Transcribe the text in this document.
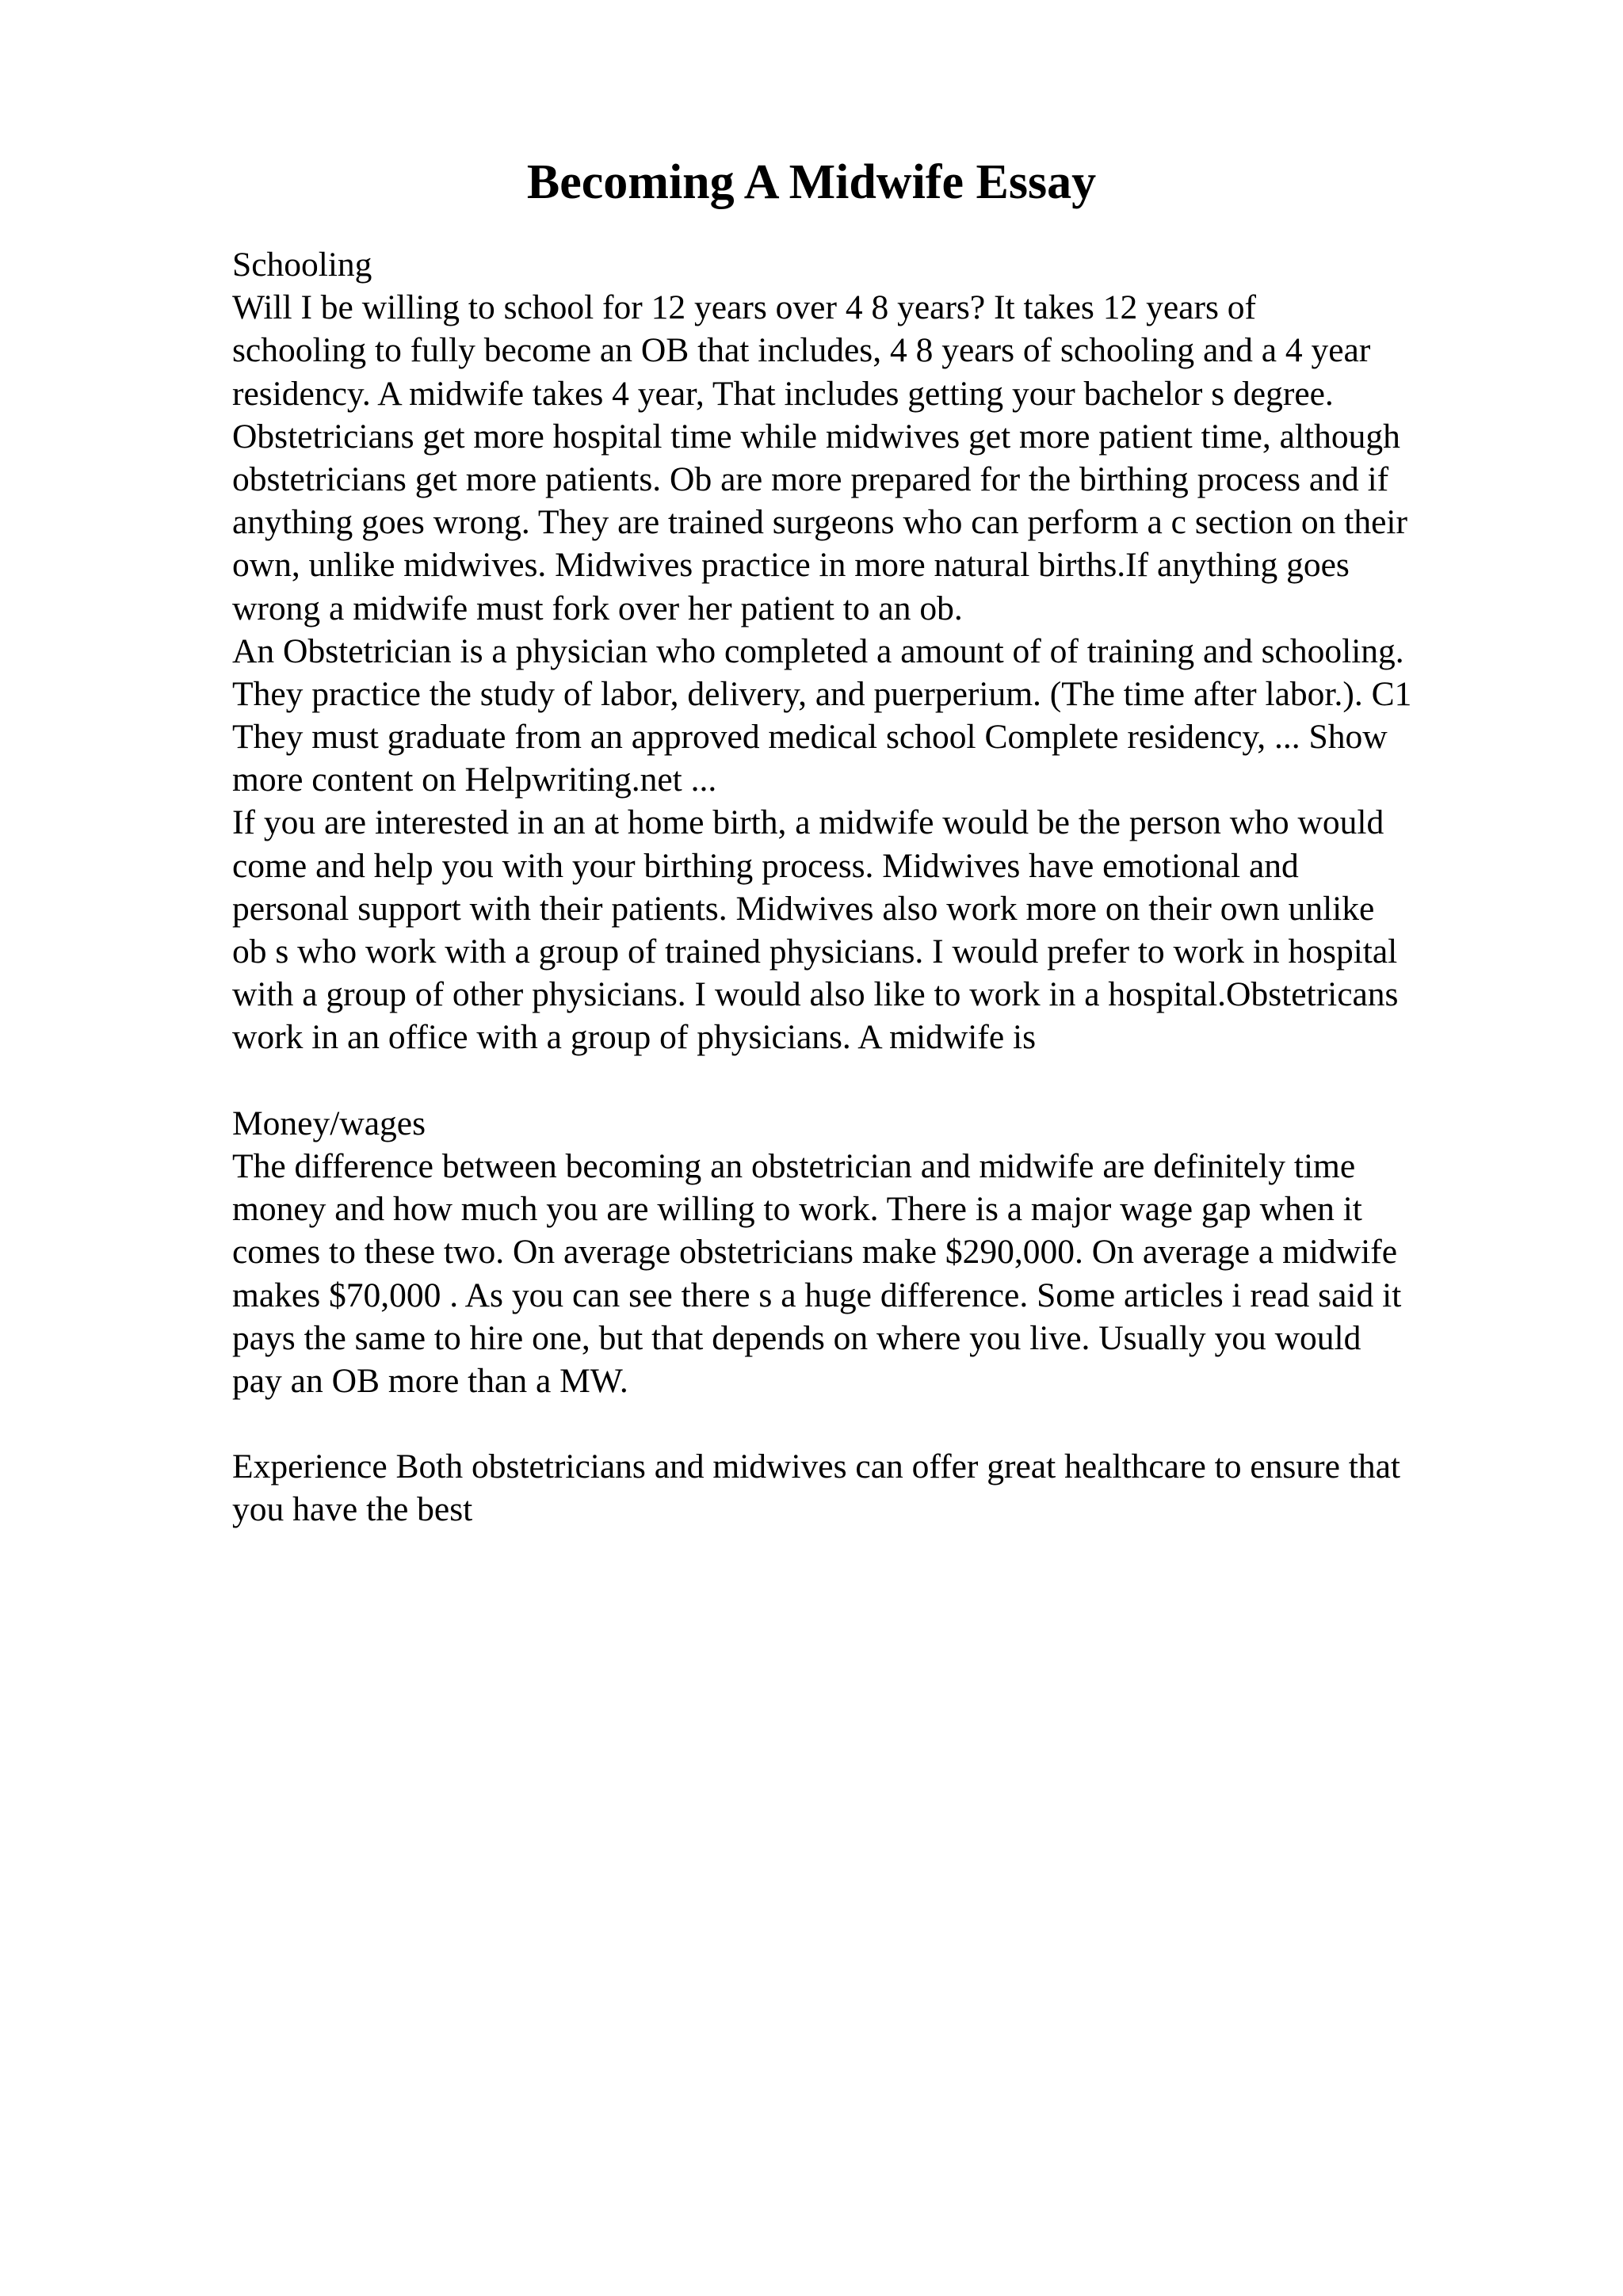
Becoming A Midwife Essay
Schooling
Will I be willing to school for 12 years over 4 8 years? It takes 12 years of
schooling to fully become an OB that includes, 4 8 years of schooling and a 4 year
residency. A midwife takes 4 year, That includes getting your bachelor s degree.
Obstetricians get more hospital time while midwives get more patient time, although
obstetricians get more patients. Ob are more prepared for the birthing process and if
anything goes wrong. They are trained surgeons who can perform a c section on their
own, unlike midwives. Midwives practice in more natural births.If anything goes
wrong a midwife must fork over her patient to an ob.
An Obstetrician is a physician who completed a amount of of training and schooling.
They practice the study of labor, delivery, and puerperium. (The time after labor.). C1
They must graduate from an approved medical school Complete residency, ... Show
more content on Helpwriting.net ...
If you are interested in an at home birth, a midwife would be the person who would
come and help you with your birthing process. Midwives have emotional and
personal support with their patients. Midwives also work more on their own unlike
ob s who work with a group of trained physicians. I would prefer to work in hospital
with a group of other physicians. I would also like to work in a hospital.Obstetricans
work in an office with a group of physicians. A midwife is
Money/wages
The difference between becoming an obstetrician and midwife are definitely time
money and how much you are willing to work. There is a major wage gap when it
comes to these two. On average obstetricians make $290,000. On average a midwife
makes $70,000 . As you can see there s a huge difference. Some articles i read said it
pays the same to hire one, but that depends on where you live. Usually you would
pay an OB more than a MW.
Experience Both obstetricians and midwives can offer great healthcare to ensure that
you have the best
